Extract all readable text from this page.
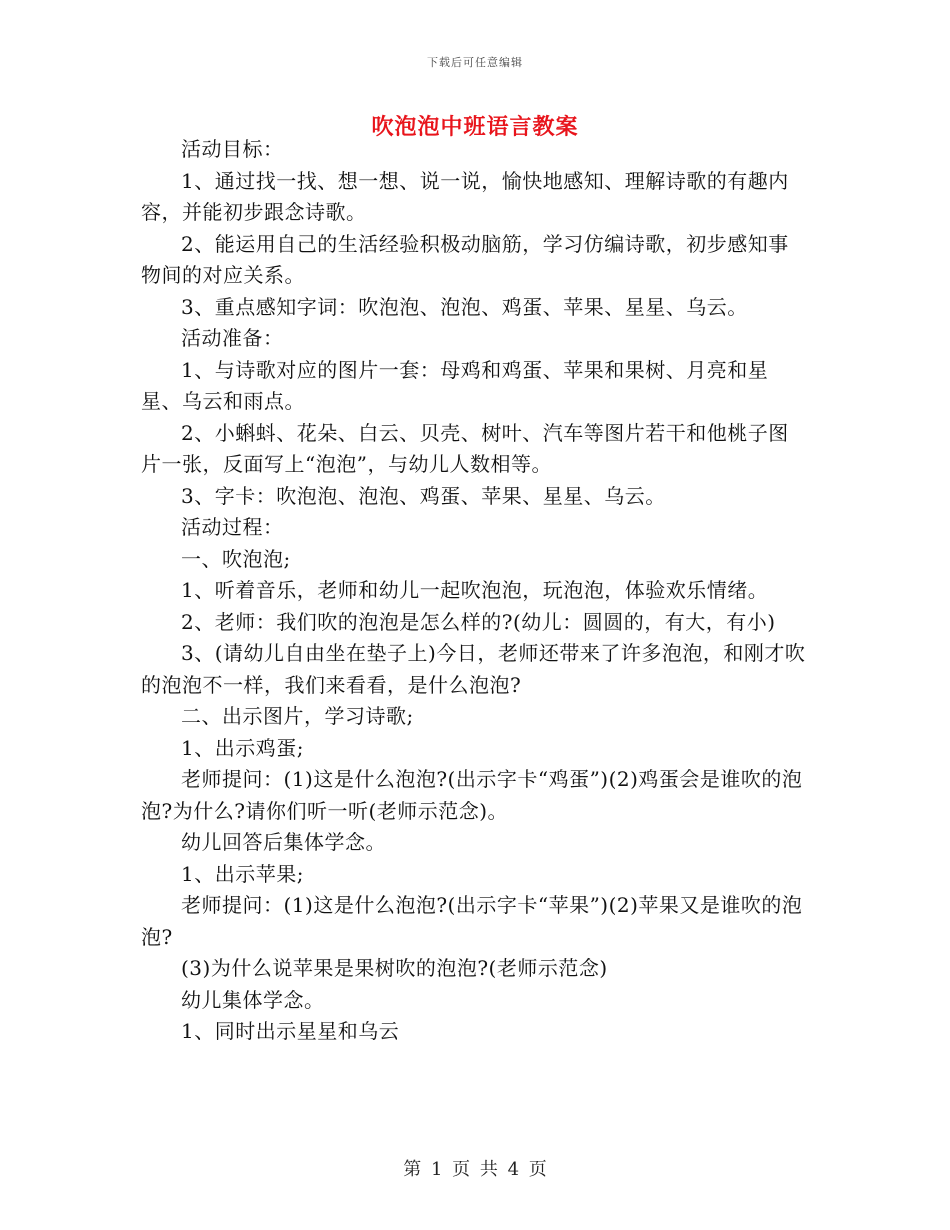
下载后可任意编辑
吹泡泡中班语言教案

活动目标：

1、通过找一找、想一想、说一说，愉快地感知、理解诗歌的有趣内容，并能初步跟念诗歌。

2、能运用自己的生活经验积极动脑筋，学习仿编诗歌，初步感知事物间的对应关系。

3、重点感知字词：吹泡泡、泡泡、鸡蛋、苹果、星星、乌云。

活动准备：

1、与诗歌对应的图片一套：母鸡和鸡蛋、苹果和果树、月亮和星星、乌云和雨点。

2、小蝌蚪、花朵、白云、贝壳、树叶、汽车等图片若干和他桃子图片一张，反面写上“泡泡”，与幼儿人数相等。

3、字卡：吹泡泡、泡泡、鸡蛋、苹果、星星、乌云。

活动过程：

一、吹泡泡;

1、听着音乐，老师和幼儿一起吹泡泡，玩泡泡，体验欢乐情绪。

2、老师：我们吹的泡泡是怎么样的?(幼儿：圆圆的，有大，有小)

3、(请幼儿自由坐在垫子上)今日，老师还带来了许多泡泡，和刚才吹的泡泡不一样，我们来看看，是什么泡泡?

二、出示图片，学习诗歌;

1、出示鸡蛋;

老师提问：(1)这是什么泡泡?(出示字卡“鸡蛋”)(2)鸡蛋会是谁吹的泡泡?为什么?请你们听一听(老师示范念)。

幼儿回答后集体学念。

1、出示苹果;

老师提问：(1)这是什么泡泡?(出示字卡“苹果”)(2)苹果又是谁吹的泡泡?

(3)为什么说苹果是果树吹的泡泡?(老师示范念)

幼儿集体学念。

1、同时出示星星和乌云

第 1 页 共 4 页
